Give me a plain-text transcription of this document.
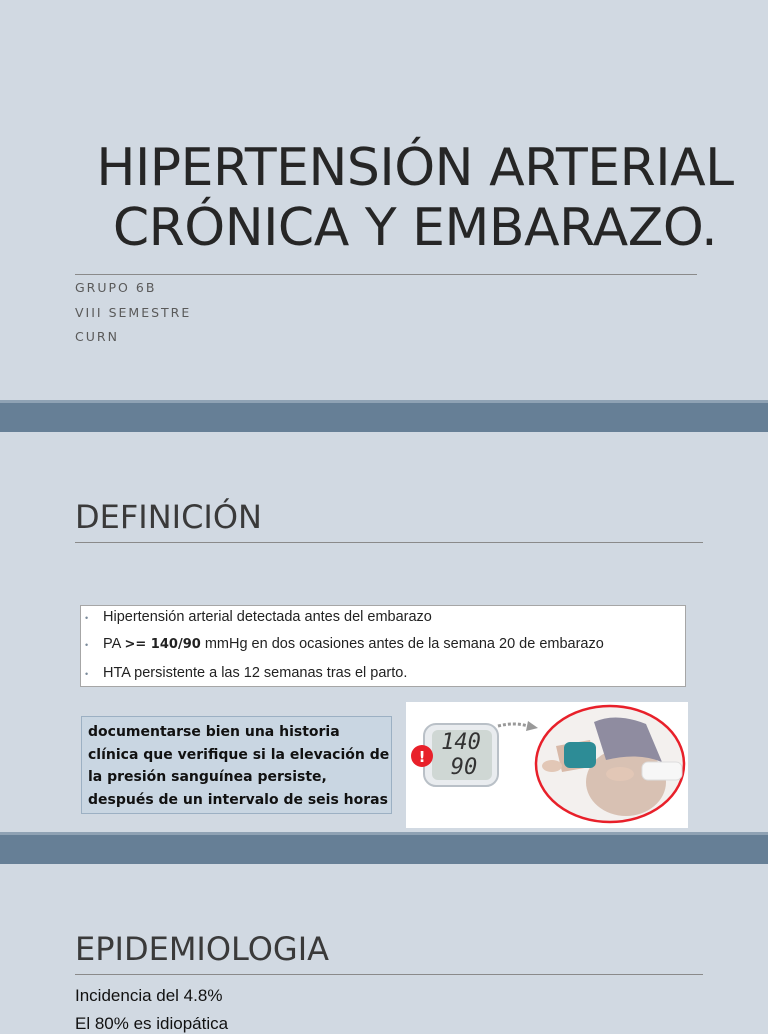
HIPERTENSIÓN ARTERIAL
CRÓNICA Y EMBARAZO.
GRUPO 6B
VIII SEMESTRE
CURN
DEFINICIÓN
• Hipertensión arterial detectada antes del embarazo
• PA >= 140/90 mmHg en dos ocasiones antes de la semana 20 de embarazo
• HTA persistente a las 12 semanas tras el parto.
documentarse bien una historia
clínica que verifique si la elevación de
la presión sanguínea persiste,
después de un intervalo de seis horas
140
90
!
EPIDEMIOLOGIA
Incidencia del 4.8%
El 80% es idiopática
